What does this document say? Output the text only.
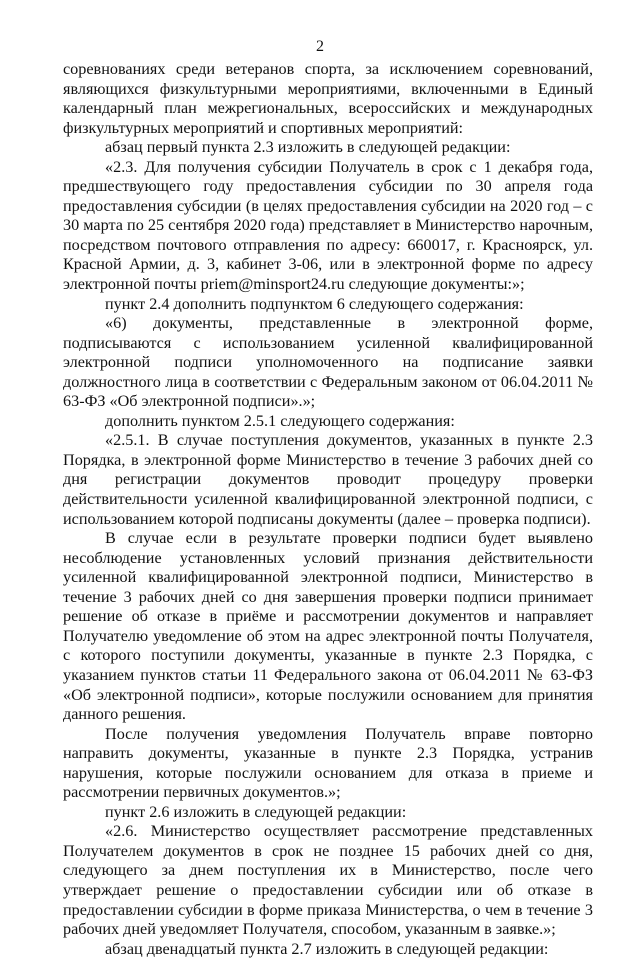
2

соревнованиях среди ветеранов спорта, за исключением соревнований, являющихся физкультурными мероприятиями, включенными в Единый календарный план межрегиональных, всероссийских и международных физкультурных мероприятий и спортивных мероприятий:

абзац первый пункта 2.3 изложить в следующей редакции:

«2.3. Для получения субсидии Получатель в срок с 1 декабря года, предшествующего году предоставления субсидии по 30 апреля года предоставления субсидии (в целях предоставления субсидии на 2020 год – с 30 марта по 25 сентября 2020 года) представляет в Министерство нарочным, посредством почтового отправления по адресу: 660017, г. Красноярск, ул. Красной Армии, д. 3, кабинет 3-06, или в электронной форме по адресу электронной почты priem@minsport24.ru следующие документы:»;

пункт 2.4 дополнить подпунктом 6 следующего содержания:

«6) документы, представленные в электронной форме, подписываются с использованием усиленной квалифицированной электронной подписи уполномоченного на подписание заявки должностного лица в соответствии с Федеральным законом от 06.04.2011 № 63-ФЗ «Об электронной подписи».»;

дополнить пунктом 2.5.1 следующего содержания:

«2.5.1. В случае поступления документов, указанных в пункте 2.3 Порядка, в электронной форме Министерство в течение 3 рабочих дней со дня регистрации документов проводит процедуру проверки действительности усиленной квалифицированной электронной подписи, с использованием которой подписаны документы (далее – проверка подписи).

В случае если в результате проверки подписи будет выявлено несоблюдение установленных условий признания действительности усиленной квалифицированной электронной подписи, Министерство в течение 3 рабочих дней со дня завершения проверки подписи принимает решение об отказе в приёме и рассмотрении документов и направляет Получателю уведомление об этом на адрес электронной почты Получателя, с которого поступили документы, указанные в пункте 2.3 Порядка, с указанием пунктов статьи 11 Федерального закона от 06.04.2011 № 63-ФЗ «Об электронной подписи», которые послужили основанием для принятия данного решения.

После получения уведомления Получатель вправе повторно направить документы, указанные в пункте 2.3 Порядка, устранив нарушения, которые послужили основанием для отказа в приеме и рассмотрении первичных документов.»;

пункт 2.6 изложить в следующей редакции:

«2.6. Министерство осуществляет рассмотрение представленных Получателем документов в срок не позднее 15 рабочих дней со дня, следующего за днем поступления их в Министерство, после чего утверждает решение о предоставлении субсидии или об отказе в предоставлении субсидии в форме приказа Министерства, о чем в течение 3 рабочих дней уведомляет Получателя, способом, указанным в заявке.»;

абзац двенадцатый пункта 2.7 изложить в следующей редакции:
